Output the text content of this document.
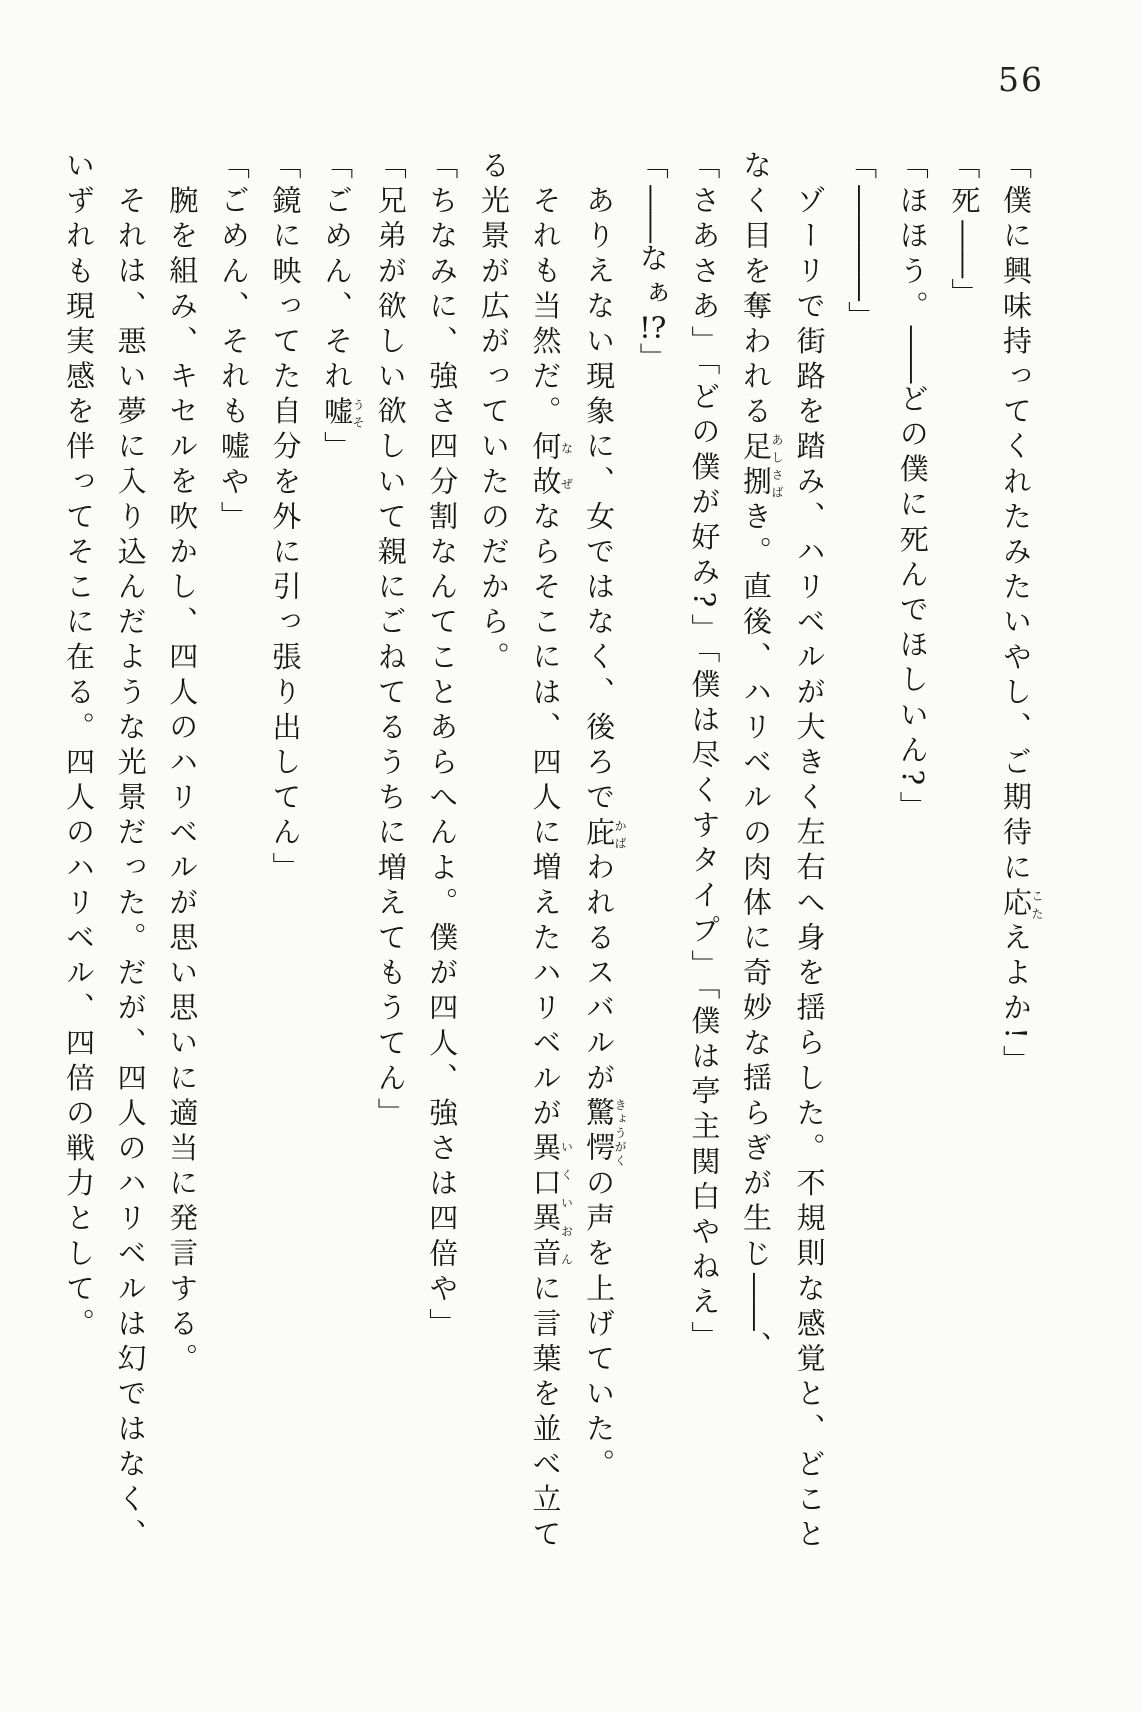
56
「僕に興味持ってくれたみたいやし、ご期待に応こたえよか!」
「死――」
「ほほう。――どの僕に死んでほしいん?」
「――――」
ゾーリで街路を踏み、ハリベルが大きく左右へ身を揺らした。不規則な感覚と、どこと
なく目を奪われる足捌あしさばき。直後、ハリベルの肉体に奇妙な揺らぎが生じ――、
「さあさあ」「どの僕が好み?」「僕は尽くすタイプ」「僕は亭主関白やねえ」
「――なぁ!?」
ありえない現象に、女ではなく、後ろで庇かばわれるスバルが驚愕きょうがくの声を上げていた。
それも当然だ。何故なぜならそこには、四人に増えたハリベルが異口異音いくいおんに言葉を並べ立て
る光景が広がっていたのだから。
「ちなみに、強さ四分割なんてことあらへんよ。僕が四人、強さは四倍や」
「兄弟が欲しい欲しいて親にごねてるうちに増えてもうてん」
「ごめん、それ嘘うそ」
「鏡に映ってた自分を外に引っ張り出してん」
「ごめん、それも嘘や」
腕を組み、キセルを吹かし、四人のハリベルが思い思いに適当に発言する。
それは、悪い夢に入り込んだような光景だった。だが、四人のハリベルは幻ではなく、
いずれも現実感を伴ってそこに在る。四人のハリベル、四倍の戦力として。
